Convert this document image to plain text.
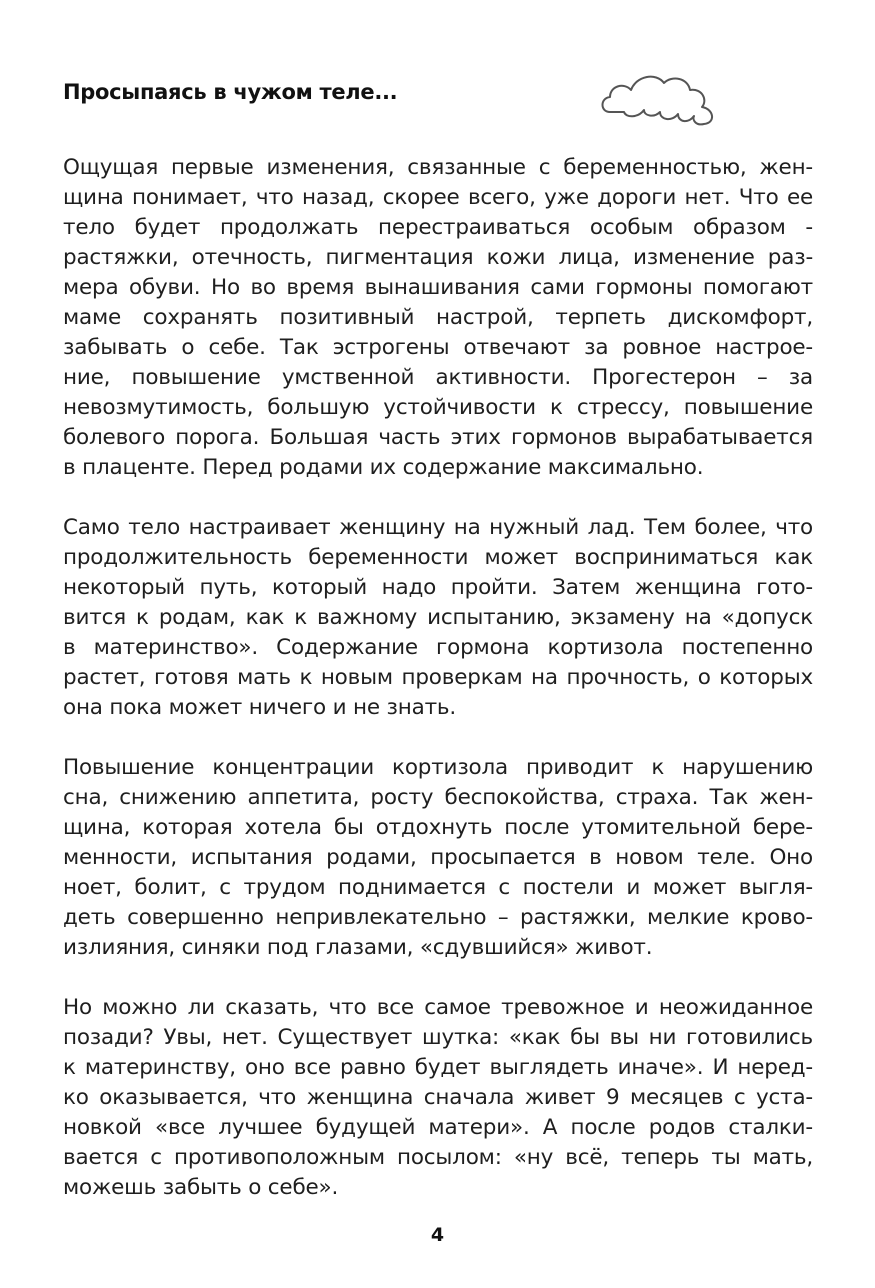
Просыпаясь в чужом теле...

Ощущая первые изменения, связанные с беременностью, жен-
щина понимает, что назад, скорее всего, уже дороги нет. Что ее
тело будет продолжать перестраиваться особым образом -
растяжки, отечность, пигментация кожи лица, изменение раз-
мера обуви. Но во время вынашивания сами гормоны помогают
маме сохранять позитивный настрой, терпеть дискомфорт,
забывать о себе. Так эстрогены отвечают за ровное настрое-
ние, повышение умственной активности. Прогестерон – за
невозмутимость, большую устойчивости к стрессу, повышение
болевого порога. Большая часть этих гормонов вырабатывается
в плаценте. Перед родами их содержание максимально.

Само тело настраивает женщину на нужный лад. Тем более, что
продолжительность беременности может восприниматься как
некоторый путь, который надо пройти. Затем женщина гото-
вится к родам, как к важному испытанию, экзамену на «допуск
в материнство». Содержание гормона кортизола постепенно
растет, готовя мать к новым проверкам на прочность, о которых
она пока может ничего и не знать.

Повышение концентрации кортизола приводит к нарушению
сна, снижению аппетита, росту беспокойства, страха. Так жен-
щина, которая хотела бы отдохнуть после утомительной бере-
менности, испытания родами, просыпается в новом теле. Оно
ноет, болит, с трудом поднимается с постели и может выгля-
деть совершенно непривлекательно – растяжки, мелкие крово-
излияния, синяки под глазами, «сдувшийся» живот.

Но можно ли сказать, что все самое тревожное и неожиданное
позади? Увы, нет. Существует шутка: «как бы вы ни готовились
к материнству, оно все равно будет выглядеть иначе». И неред-
ко оказывается, что женщина сначала живет 9 месяцев с уста-
новкой «все лучшее будущей матери». А после родов сталки-
вается с противоположным посылом: «ну всё, теперь ты мать,
можешь забыть о себе».

4
